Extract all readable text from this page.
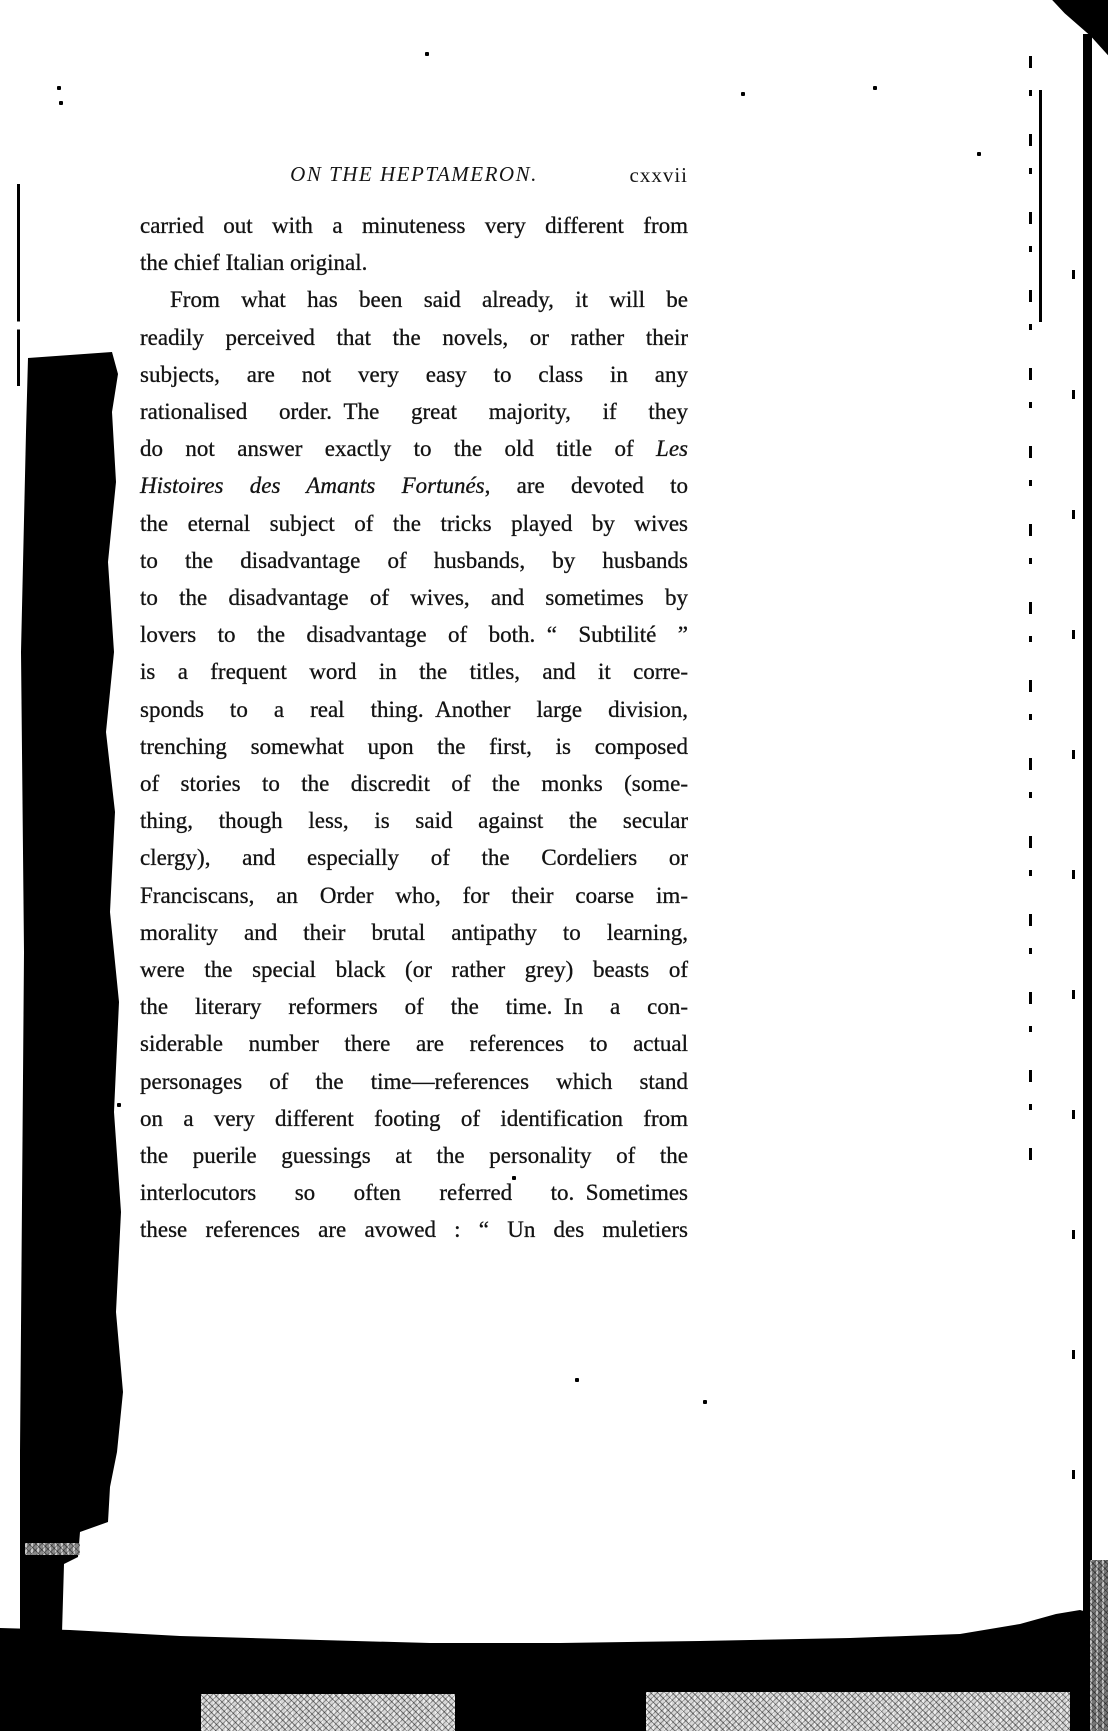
ON THE HEPTAMERON.	cxxvii
carried out with a minuteness very different from
the chief Italian original.
From what has been said already, it will be
readily perceived that the novels, or rather their
subjects, are not very easy to class in any
rationalised order. The great majority, if they
do not answer exactly to the old title of Les
Histoires des Amants Fortunés, are devoted to
the eternal subject of the tricks played by wives
to the disadvantage of husbands, by husbands
to the disadvantage of wives, and sometimes by
lovers to the disadvantage of both. “ Subtilité ”
is a frequent word in the titles, and it corre-
sponds to a real thing. Another large division,
trenching somewhat upon the first, is composed
of stories to the discredit of the monks (some-
thing, though less, is said against the secular
clergy), and especially of the Cordeliers or
Franciscans, an Order who, for their coarse im-
morality and their brutal antipathy to learning,
were the special black (or rather grey) beasts of
the literary reformers of the time. In a con-
siderable number there are references to actual
personages of the time—references which stand
on a very different footing of identification from
the puerile guessings at the personality of the
interlocutors so often referred to. Sometimes
these references are avowed : “ Un des muletiers
